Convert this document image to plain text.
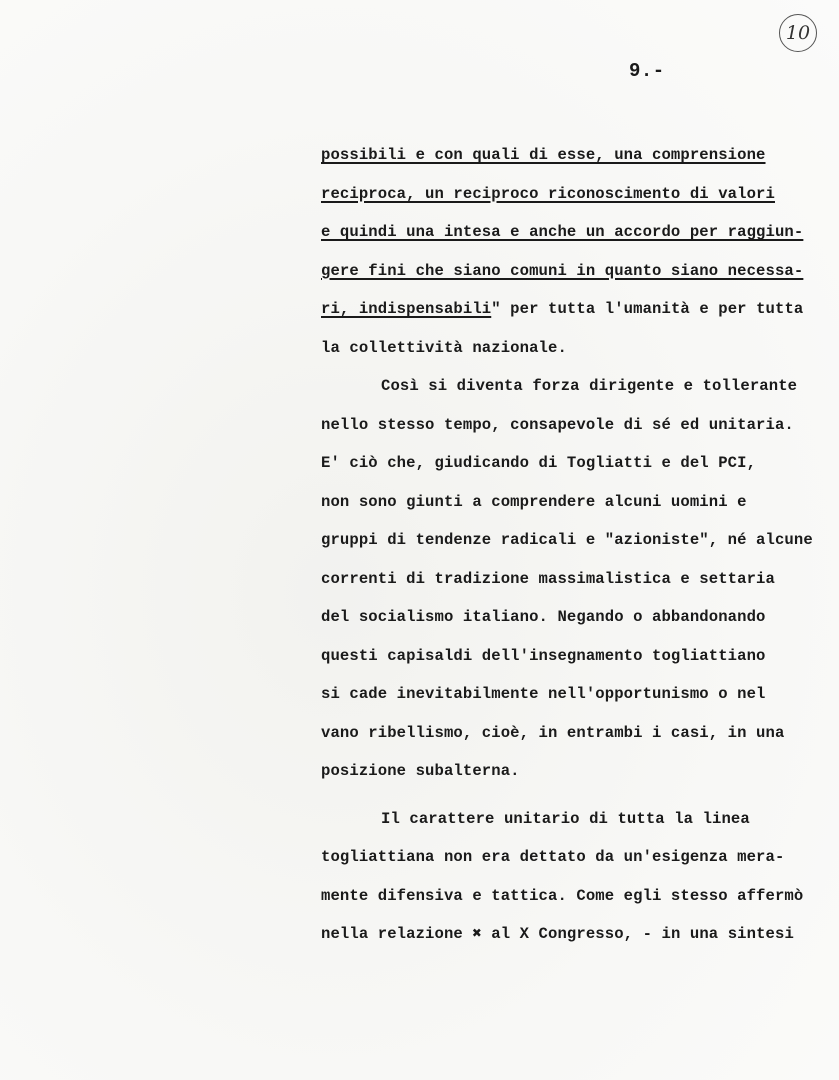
10
9.-
possibili e con quali di esse, una comprensione
reciproca, un reciproco riconoscimento di valori
e quindi una intesa e anche un accordo per raggiun-
gere fini che siano comuni in quanto siano necessa-
ri, indispensabili" per tutta l'umanità e per tutta
la collettività nazionale.
Così si diventa forza dirigente e tollerante
nello stesso tempo, consapevole di sé ed unitaria.
E' ciò che, giudicando di Togliatti e del PCI,
non sono giunti a comprendere alcuni uomini e
gruppi di tendenze radicali e "azioniste", né alcune
correnti di tradizione massimalistica e settaria
del socialismo italiano. Negando o abbandonando
questi capisaldi dell'insegnamento togliattiano
si cade inevitabilmente nell'opportunismo o nel
vano ribellismo, cioè, in entrambi i casi, in una
posizione subalterna.
Il carattere unitario di tutta la linea
togliattiana non era dettato da un'esigenza mera-
mente difensiva e tattica. Come egli stesso affermò
nella relazione ✖ al X Congresso, - in una sintesi
